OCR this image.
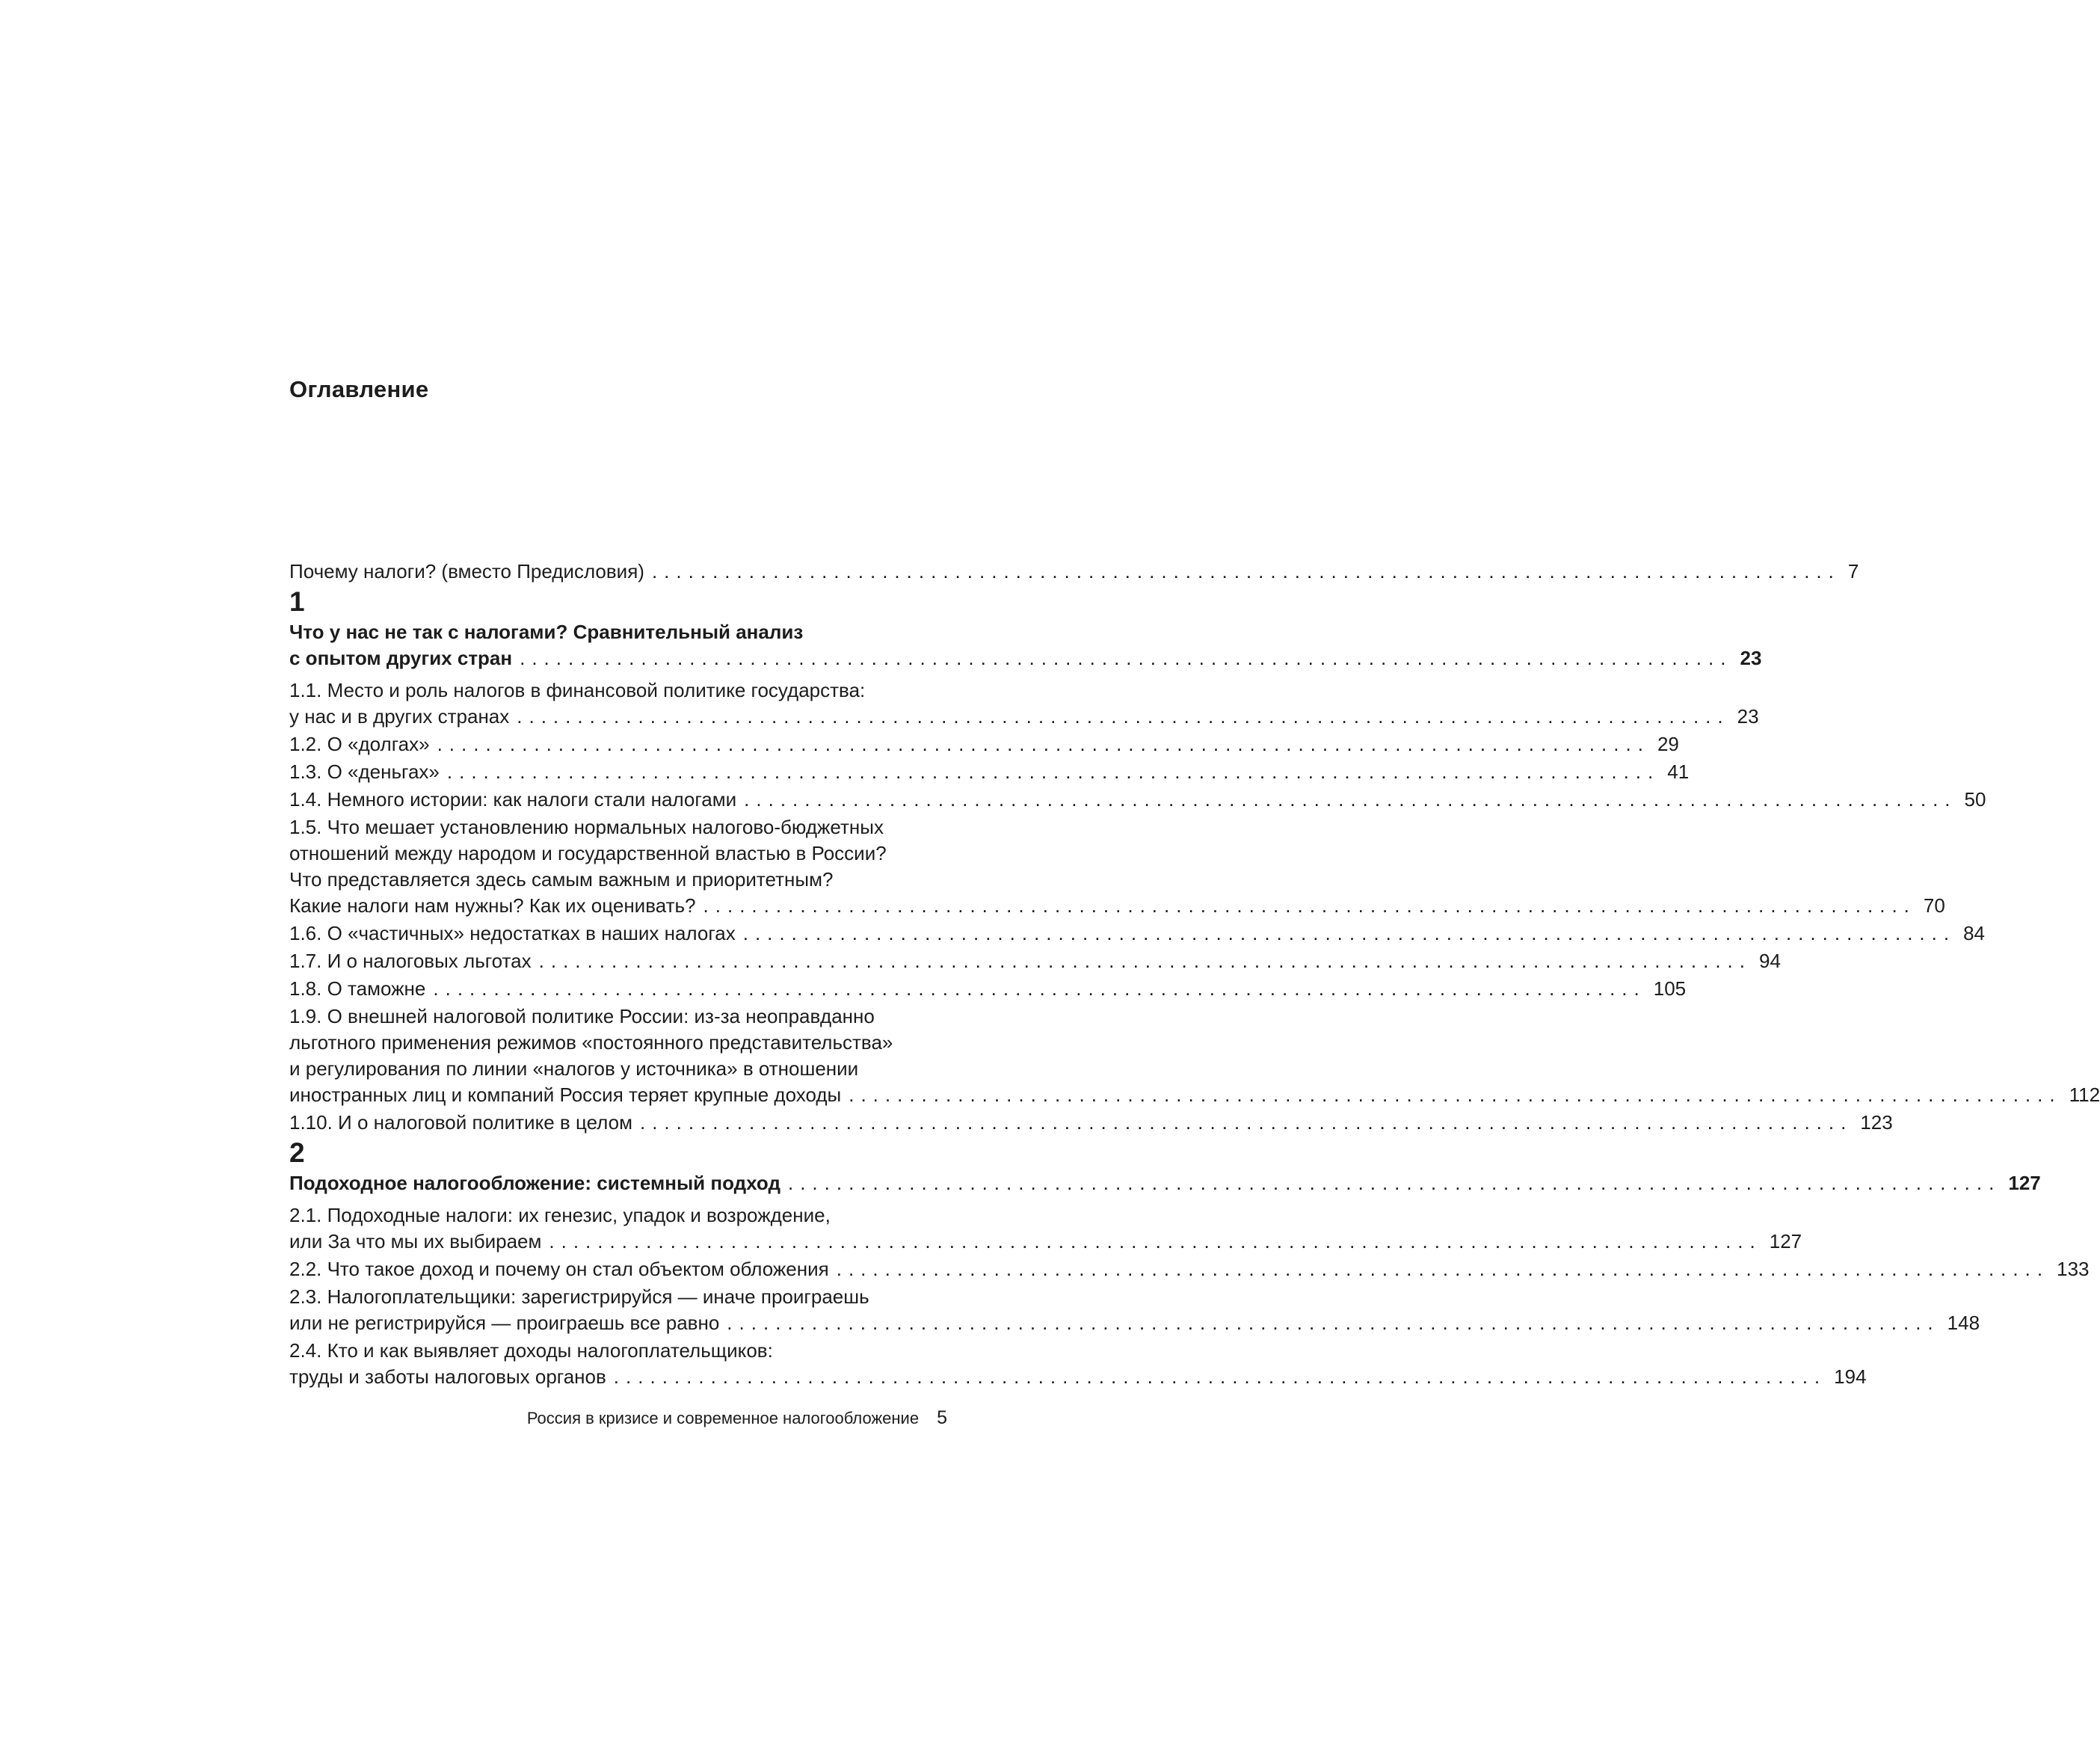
Оглавление
Почему налоги? (вместо Предисловия) .................................................................................................. 7
1
Что у нас не так с налогами? Сравнительный анализ
с опытом других стран .................................................................................................... 23
1.1. Место и роль налогов в финансовой политике государства:
у нас и в других странах .................................................................................................... 23
1.2. О «долгах» .................................................................................................... 29
1.3. О «деньгах» .................................................................................................... 41
1.4. Немного истории: как налоги стали налогами .................................................................................................... 50
1.5. Что мешает установлению нормальных налогово-бюджетных
отношений между народом и государственной властью в России?
Что представляется здесь самым важным и приоритетным?
Какие налоги нам нужны? Как их оценивать? .................................................................................................... 70
1.6. О «частичных» недостатках в наших налогах .................................................................................................... 84
1.7. И о налоговых льготах .................................................................................................... 94
1.8. О таможне .................................................................................................... 105
1.9. О внешней налоговой политике России: из-за неоправданно
льготного применения режимов «постоянного представительства»
и регулирования по линии «налогов у источника» в отношении
иностранных лиц и компаний Россия теряет крупные доходы .................................................................................................... 112
1.10. И о налоговой политике в целом .................................................................................................... 123
2
Подоходное налогообложение: системный подход .................................................................................................... 127
2.1. Подоходные налоги: их генезис, упадок и возрождение,
или За что мы их выбираем .................................................................................................... 127
2.2. Что такое доход и почему он стал объектом обложения .................................................................................................... 133
2.3. Налогоплательщики: зарегистрируйся — иначе проиграешь
или не регистрируйся — проиграешь все равно .................................................................................................... 148
2.4. Кто и как выявляет доходы налогоплательщиков:
труды и заботы налоговых органов .................................................................................................... 194
Россия в кризисе и современное налогообложение 5
